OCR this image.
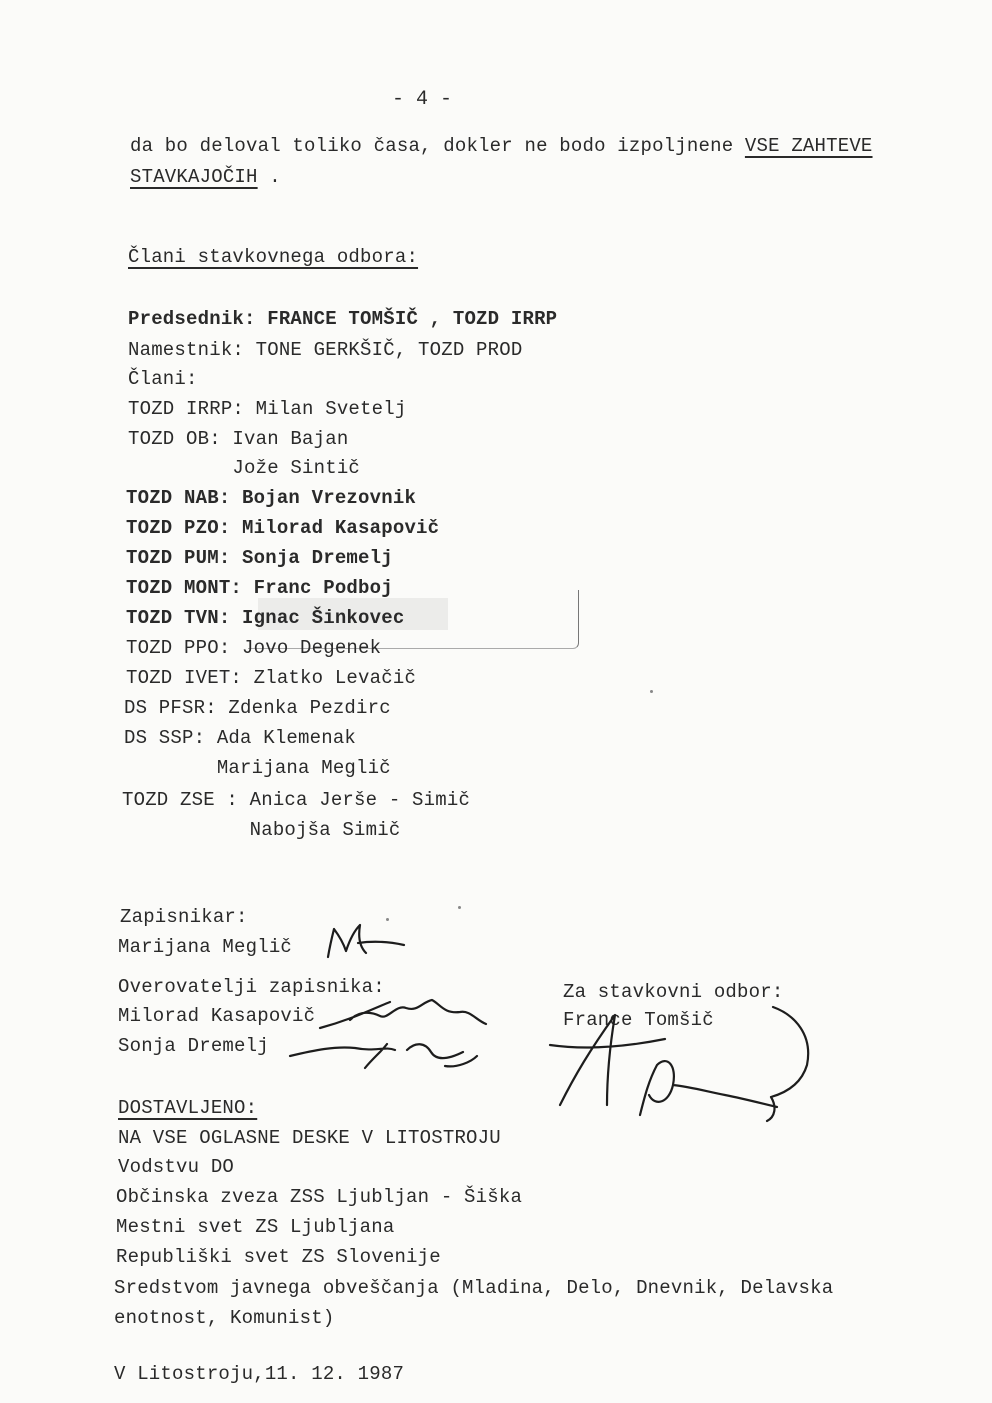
- 4 -
da bo deloval toliko časa, dokler ne bodo izpoljnene VSE ZAHTEVE
STAVKAJOČIH .
Člani stavkovnega odbora:
Predsednik: FRANCE TOMŠIČ , TOZD IRRP
Namestnik: TONE GERKŠIČ, TOZD PROD
Člani:
TOZD IRRP: Milan Svetelj
TOZD OB: Ivan Bajan
Jože Sintič
TOZD NAB: Bojan Vrezovnik
TOZD PZO: Milorad Kasapovič
TOZD PUM: Sonja Dremelj
TOZD MONT: Franc Podboj
TOZD TVN: Ignac Šinkovec
TOZD PPO: Jovo Degenek
TOZD IVET: Zlatko Levačič
DS PFSR: Zdenka Pezdirc
DS SSP: Ada Klemenak
Marijana Meglič
TOZD ZSE : Anica Jerše - Simič
Nabojša Simič
Zapisnikar:
Marijana Meglič
Overovatelji zapisnika:
Milorad Kasapovič
Sonja Dremelj
Za stavkovni odbor:
France Tomšič
DOSTAVLJENO:
NA VSE OGLASNE DESKE V LITOSTROJU
Vodstvu DO
Občinska zveza ZSS Ljubljan - Šiška
Mestni svet ZS Ljubljana
Republiški svet ZS Slovenije
Sredstvom javnega obveščanja (Mladina, Delo, Dnevnik, Delavska
enotnost, Komunist)
V Litostroju,11. 12. 1987
